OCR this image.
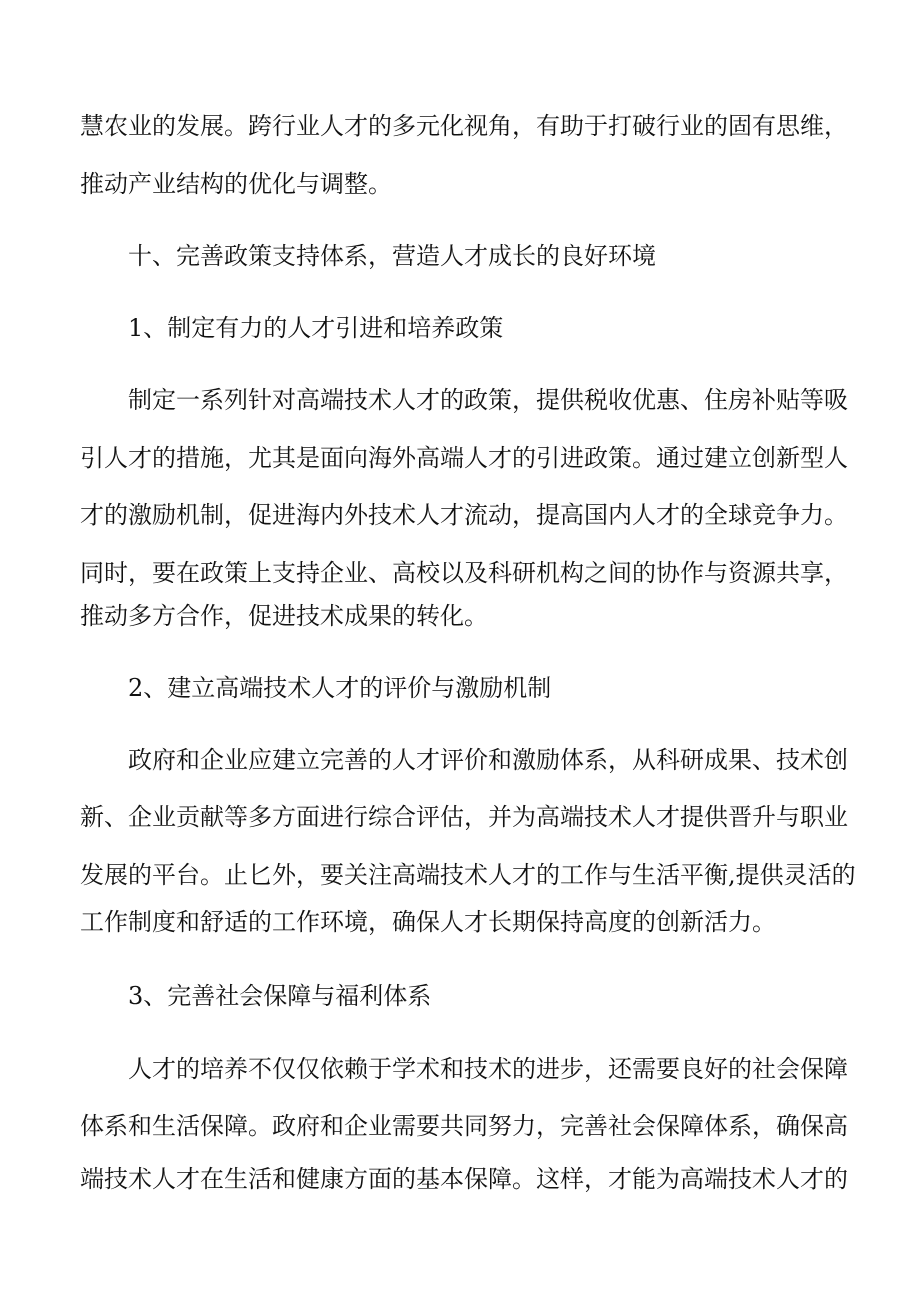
慧农业的发展。跨行业人才的多元化视角，有助于打破行业的固有思维，
推动产业结构的优化与调整。
十、完善政策支持体系，营造人才成长的良好环境
1、制定有力的人才引进和培养政策
制定一系列针对高端技术人才的政策，提供税收优惠、住房补贴等吸
引人才的措施，尤其是面向海外高端人才的引进政策。通过建立创新型人
才的激励机制，促进海内外技术人才流动，提高国内人才的全球竞争力。
同时，要在政策上支持企业、高校以及科研机构之间的协作与资源共享，
推动多方合作，促进技术成果的转化。
2、建立高端技术人才的评价与激励机制
政府和企业应建立完善的人才评价和激励体系，从科研成果、技术创
新、企业贡献等多方面进行综合评估，并为高端技术人才提供晋升与职业
发展的平台。止匕外，要关注高端技术人才的工作与生活平衡,提供灵活的
工作制度和舒适的工作环境，确保人才长期保持高度的创新活力。
3、完善社会保障与福利体系
人才的培养不仅仅依赖于学术和技术的进步，还需要良好的社会保障
体系和生活保障。政府和企业需要共同努力，完善社会保障体系，确保高
端技术人才在生活和健康方面的基本保障。这样，才能为高端技术人才的
